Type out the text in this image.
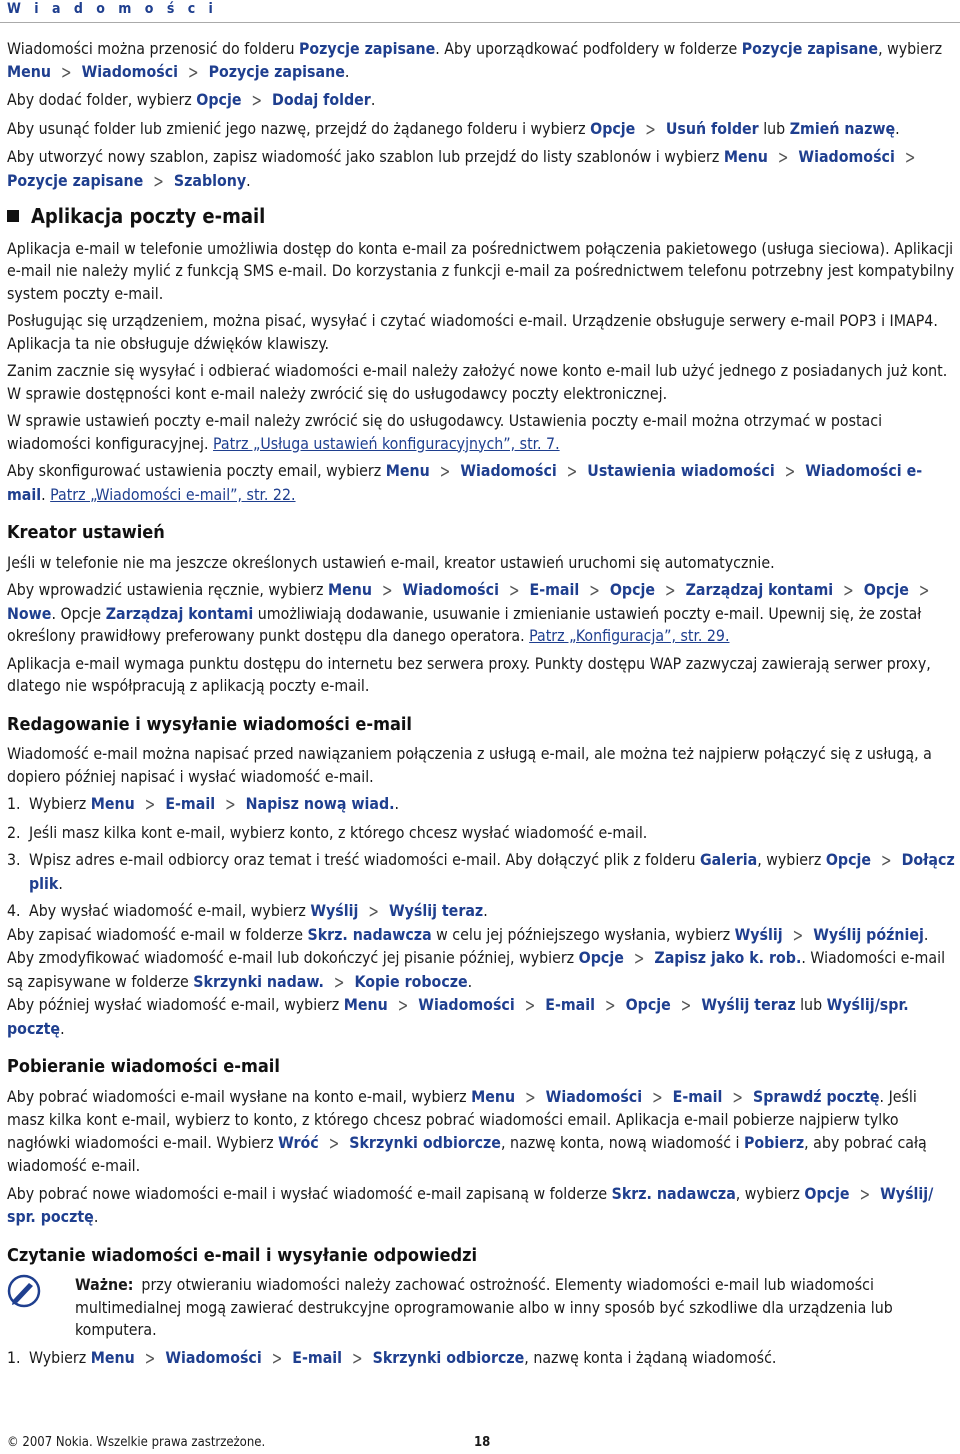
W i a d o m o ś c i

Wiadomości można przenosić do folderu Pozycje zapisane. Aby uporządkować podfoldery w folderze Pozycje zapisane, wybierz Menu > Wiadomości > Pozycje zapisane.

Aby dodać folder, wybierz Opcje > Dodaj folder.

Aby usunąć folder lub zmienić jego nazwę, przejdź do żądanego folderu i wybierz Opcje > Usuń folder lub Zmień nazwę.

Aby utworzyć nowy szablon, zapisz wiadomość jako szablon lub przejdź do listy szablonów i wybierz Menu > Wiadomości >Pozycje zapisane > Szablony.

Aplikacja poczty e-mail

Aplikacja e-mail w telefonie umożliwia dostęp do konta e-mail za pośrednictwem połączenia pakietowego (usługa sieciowa). Aplikacji e-mail nie należy mylić z funkcją SMS e-mail. Do korzystania z funkcji e-mail za pośrednictwem telefonu potrzebny jest kompatybilny system poczty e-mail.

Posługując się urządzeniem, można pisać, wysyłać i czytać wiadomości e-mail. Urządzenie obsługuje serwery e-mail POP3 i IMAP4. Aplikacja ta nie obsługuje dźwięków klawiszy.

Zanim zacznie się wysyłać i odbierać wiadomości e-mail należy założyć nowe konto e-mail lub użyć jednego z posiadanych już kont. W sprawie dostępności kont e-mail należy zwrócić się do usługodawcy poczty elektronicznej.

W sprawie ustawień poczty e-mail należy zwrócić się do usługodawcy. Ustawienia poczty e-mail można otrzymać w postaci wiadomości konfiguracyjnej. Patrz „Usługa ustawień konfiguracyjnych”, str. 7.

Aby skonfigurować ustawienia poczty email, wybierz Menu > Wiadomości > Ustawienia wiadomości > Wiadomości e-mail. Patrz „Wiadomości e-mail”, str. 22.

Kreator ustawień

Jeśli w telefonie nie ma jeszcze określonych ustawień e-mail, kreator ustawień uruchomi się automatycznie.

Aby wprowadzić ustawienia ręcznie, wybierz Menu > Wiadomości > E-mail > Opcje > Zarządzaj kontami > Opcje >Nowe. Opcje Zarządzaj kontami umożliwiają dodawanie, usuwanie i zmienianie ustawień poczty e-mail. Upewnij się, że został określony prawidłowy preferowany punkt dostępu dla danego operatora. Patrz „Konfiguracja”, str. 29.

Aplikacja e-mail wymaga punktu dostępu do internetu bez serwera proxy. Punkty dostępu WAP zazwyczaj zawierają serwer proxy, dlatego nie współpracują z aplikacją poczty e-mail.

Redagowanie i wysyłanie wiadomości e-mail

Wiadomość e-mail można napisać przed nawiązaniem połączenia z usługą e-mail, ale można też najpierw połączyć się z usługą, a dopiero później napisać i wysłać wiadomość e-mail.

1. Wybierz Menu > E-mail > Napisz nową wiad..
2. Jeśli masz kilka kont e-mail, wybierz konto, z którego chcesz wysłać wiadomość e-mail.
3. Wpisz adres e-mail odbiorcy oraz temat i treść wiadomości e-mail. Aby dołączyć plik z folderu Galeria, wybierz Opcje > Dołącz plik.
4. Aby wysłać wiadomość e-mail, wybierz Wyślij > Wyślij teraz.

Aby zapisać wiadomość e-mail w folderze Skrz. nadawcza w celu jej późniejszego wysłania, wybierz Wyślij > Wyślij później.

Aby zmodyfikować wiadomość e-mail lub dokończyć jej pisanie później, wybierz Opcje > Zapisz jako k. rob.. Wiadomości e-mail są zapisywane w folderze Skrzynki nadaw. > Kopie robocze.

Aby później wysłać wiadomość e-mail, wybierz Menu > Wiadomości > E-mail > Opcje > Wyślij teraz lub Wyślij/spr. pocztę.

Pobieranie wiadomości e-mail

Aby pobrać wiadomości e-mail wysłane na konto e-mail, wybierz Menu > Wiadomości > E-mail > Sprawdź pocztę. Jeśli masz kilka kont e-mail, wybierz to konto, z którego chcesz pobrać wiadomości email. Aplikacja e-mail pobierze najpierw tylko nagłówki wiadomości e-mail. Wybierz Wróć > Skrzynki odbiorcze, nazwę konta, nową wiadomość i Pobierz, aby pobrać całą wiadomość e-mail.

Aby pobrać nowe wiadomości e-mail i wysłać wiadomość e-mail zapisaną w folderze Skrz. nadawcza, wybierz Opcje > Wyślij/ spr. pocztę.

Czytanie wiadomości e-mail i wysyłanie odpowiedzi
Ważne: przy otwieraniu wiadomości należy zachować ostrożność. Elementy wiadomości e-mail lub wiadomości multimedialnej mogą zawierać destrukcyjne oprogramowanie albo w inny sposób być szkodliwe dla urządzenia lub komputera.
1. Wybierz Menu > Wiadomości > E-mail > Skrzynki odbiorcze, nazwę konta i żądaną wiadomość.
© 2007 Nokia. Wszelkie prawa zastrzeżone.	18
